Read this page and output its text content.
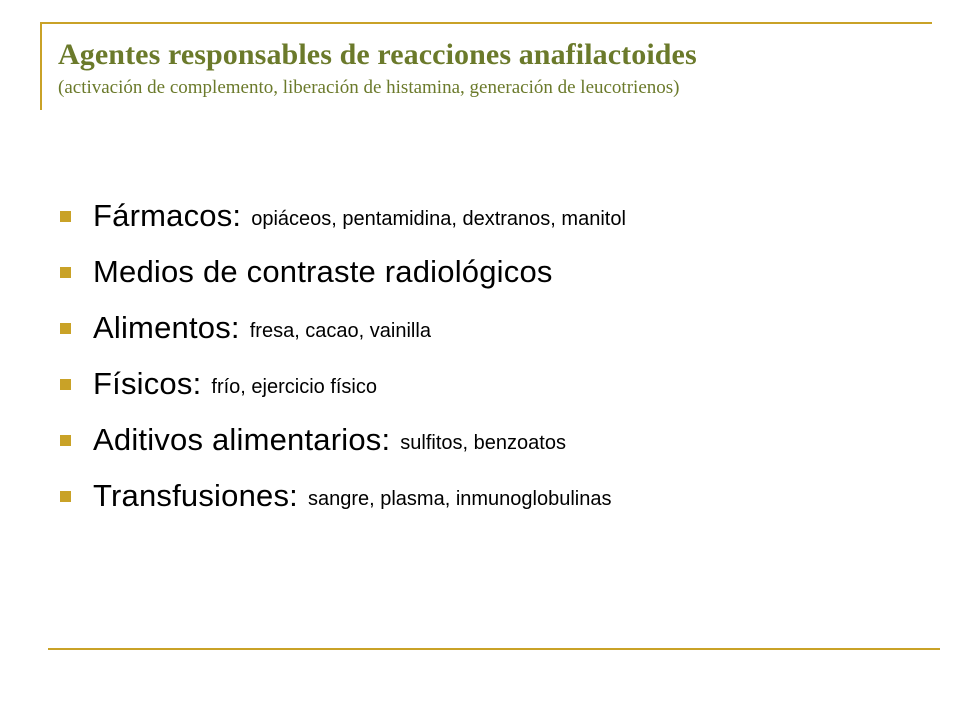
Agentes responsables de reacciones anafilactoides

(activación de complemento, liberación de histamina, generación de leucotrienos)

Fármacos: opiáceos, pentamidina, dextranos, manitol
Medios de contraste radiológicos
Alimentos: fresa, cacao, vainilla
Físicos: frío, ejercicio físico
Aditivos alimentarios: sulfitos, benzoatos
Transfusiones: sangre, plasma, inmunoglobulinas
